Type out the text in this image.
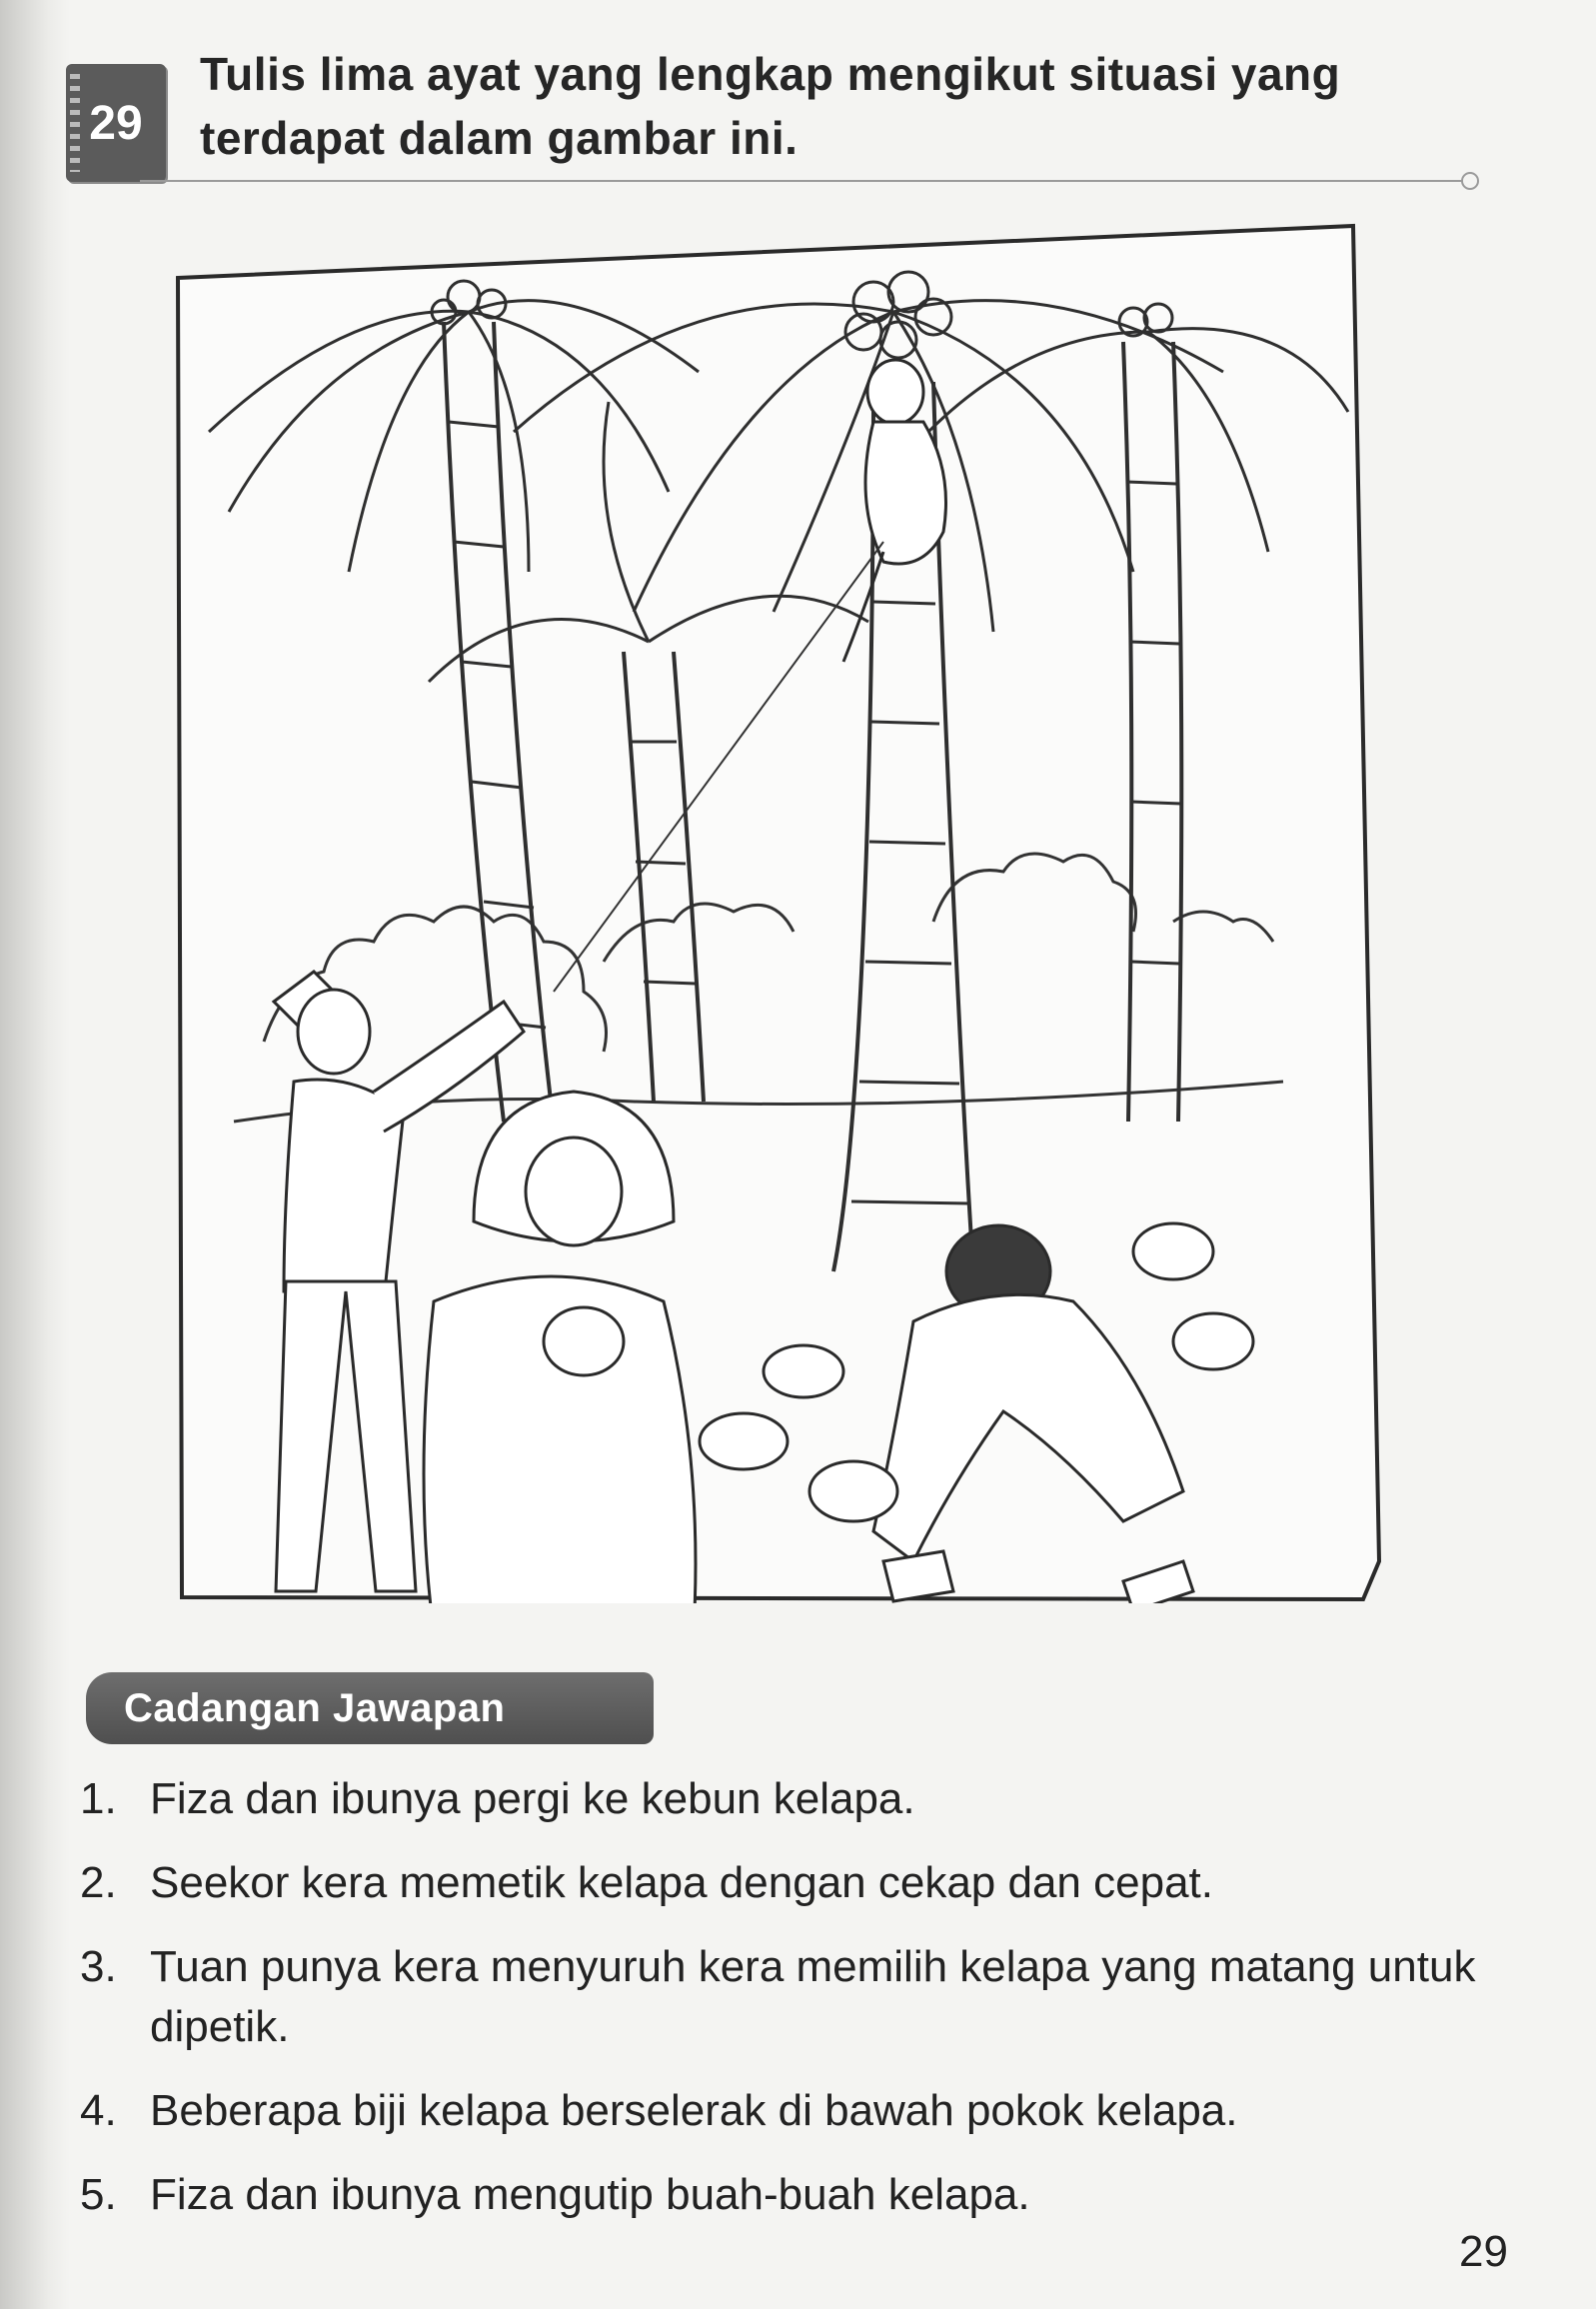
29
Tulis lima ayat yang lengkap mengikut situasi yang terdapat dalam gambar ini.
Cadangan Jawapan
1. Fiza dan ibunya pergi ke kebun kelapa.
2. Seekor kera memetik kelapa dengan cekap dan cepat.
3. Tuan punya kera menyuruh kera memilih kelapa yang matang untuk dipetik.
4. Beberapa biji kelapa berselerak di bawah pokok kelapa.
5. Fiza dan ibunya mengutip buah-buah kelapa.
29
